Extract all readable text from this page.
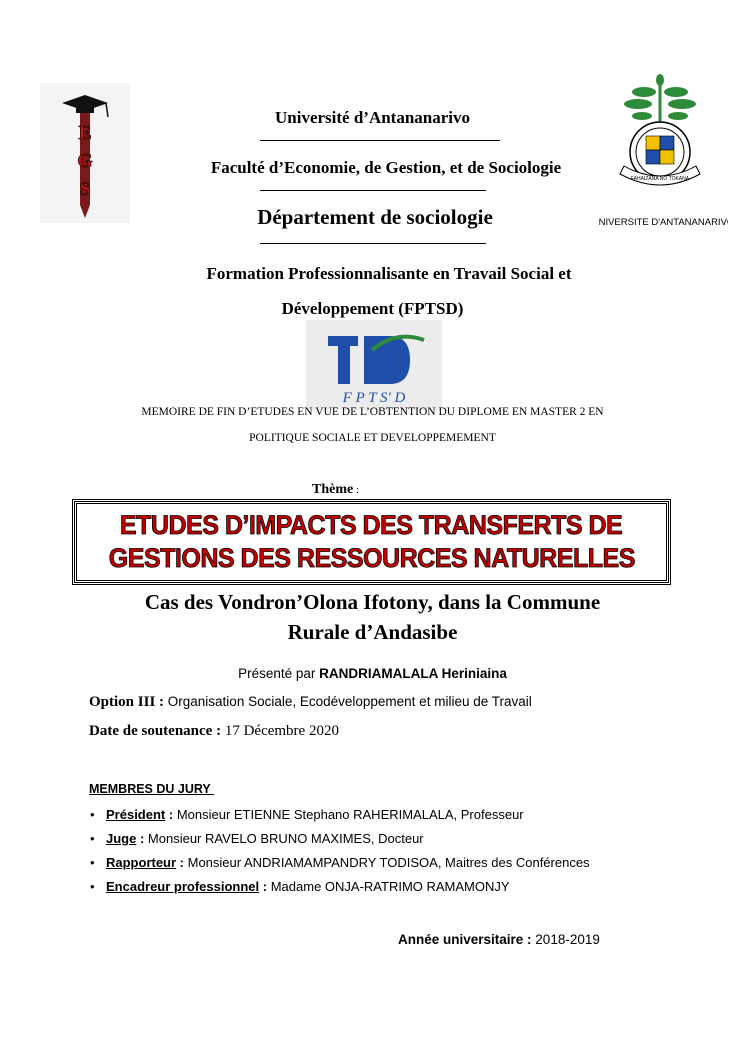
E
G
S	FAHAIZANA NO TOKANA
UNIVERSITE D'ANTANANARIVO
Université d’Antananarivo
Faculté d’Economie, de Gestion, et de Sociologie
Département de sociologie
Formation Professionnalisante en Travail Social et
Développement (FPTSD)
F P T S' D
MEMOIRE DE FIN D’ETUDES EN VUE DE L’OBTENTION DU DIPLOME EN MASTER 2 EN
POLITIQUE SOCIALE ET DEVELOPPEMEMENT
Thème :
ETUDES D’IMPACTS DES TRANSFERTS DE
GESTIONS DES RESSOURCES NATURELLES
Cas des Vondron’Olona Ifotony, dans la Commune
Rurale d’Andasibe
Présenté par RANDRIAMALALA Heriniaina
Option III : Organisation Sociale, Ecodéveloppement et milieu de Travail
Date de soutenance : 17 Décembre 2020
MEMBRES DU JURY
• Président : Monsieur ETIENNE Stephano RAHERIMALALA, Professeur
• Juge : Monsieur RAVELO BRUNO MAXIMES, Docteur
• Rapporteur : Monsieur ANDRIAMAMPANDRY TODISOA, Maitres des Conférences
• Encadreur professionnel : Madame ONJA-RATRIMO RAMAMONJY
Année universitaire : 2018-2019
